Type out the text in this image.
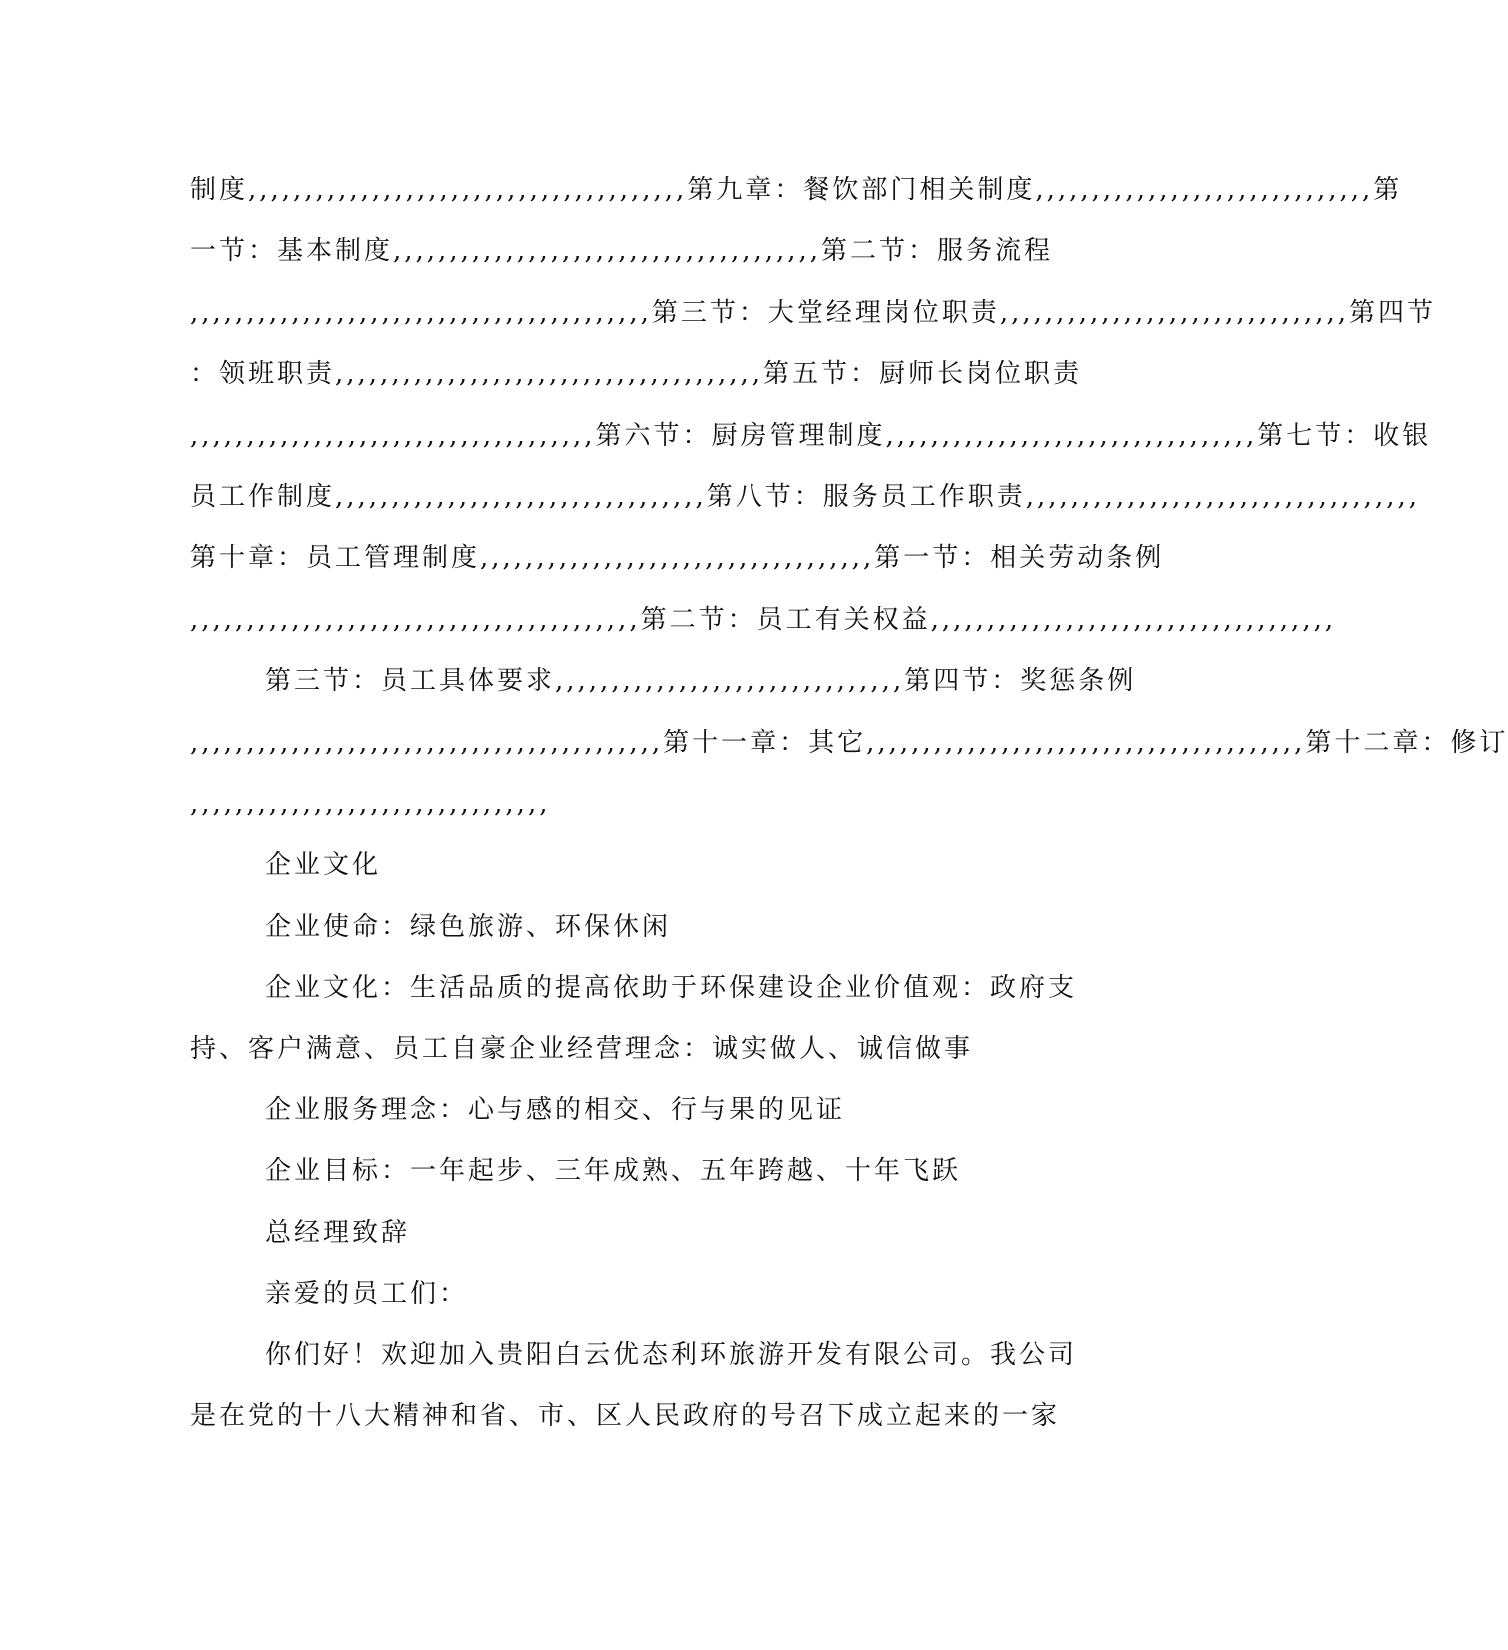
制度,,,,,,,,,,,,,,,,,,,,,,,,,,,,,,,,,,,,,,,第九章：餐饮部门相关制度,,,,,,,,,,,,,,,,,,,,,,,,,,,,,,第

一节：基本制度,,,,,,,,,,,,,,,,,,,,,,,,,,,,,,,,,,,,,,第二节：服务流程

,,,,,,,,,,,,,,,,,,,,,,,,,,,,,,,,,,,,,,,,,第三节：大堂经理岗位职责,,,,,,,,,,,,,,,,,,,,,,,,,,,,,,,第四节

：领班职责,,,,,,,,,,,,,,,,,,,,,,,,,,,,,,,,,,,,,,第五节：厨师长岗位职责

,,,,,,,,,,,,,,,,,,,,,,,,,,,,,,,,,,,,第六节：厨房管理制度,,,,,,,,,,,,,,,,,,,,,,,,,,,,,,,,,第七节：收银

员工作制度,,,,,,,,,,,,,,,,,,,,,,,,,,,,,,,,,第八节：服务员工作职责,,,,,,,,,,,,,,,,,,,,,,,,,,,,,,,,,,,

第十章：员工管理制度,,,,,,,,,,,,,,,,,,,,,,,,,,,,,,,,,,,第一节：相关劳动条例

,,,,,,,,,,,,,,,,,,,,,,,,,,,,,,,,,,,,,,,,第二节：员工有关权益,,,,,,,,,,,,,,,,,,,,,,,,,,,,,,,,,,,,

第三节：员工具体要求,,,,,,,,,,,,,,,,,,,,,,,,,,,,,,,第四节：奖惩条例

,,,,,,,,,,,,,,,,,,,,,,,,,,,,,,,,,,,,,,,,,,第十一章：其它,,,,,,,,,,,,,,,,,,,,,,,,,,,,,,,,,,,,,,,第十二章：修订

,,,,,,,,,,,,,,,,,,,,,,,,,,,,,,,,

企业文化

企业使命：绿色旅游、环保休闲

企业文化：生活品质的提高依助于环保建设企业价值观：政府支

持、客户满意、员工自豪企业经营理念：诚实做人、诚信做事

企业服务理念：心与感的相交、行与果的见证

企业目标：一年起步、三年成熟、五年跨越、十年飞跃

总经理致辞

亲爱的员工们：

你们好！欢迎加入贵阳白云优态利环旅游开发有限公司。我公司

是在党的十八大精神和省、市、区人民政府的号召下成立起来的一家
